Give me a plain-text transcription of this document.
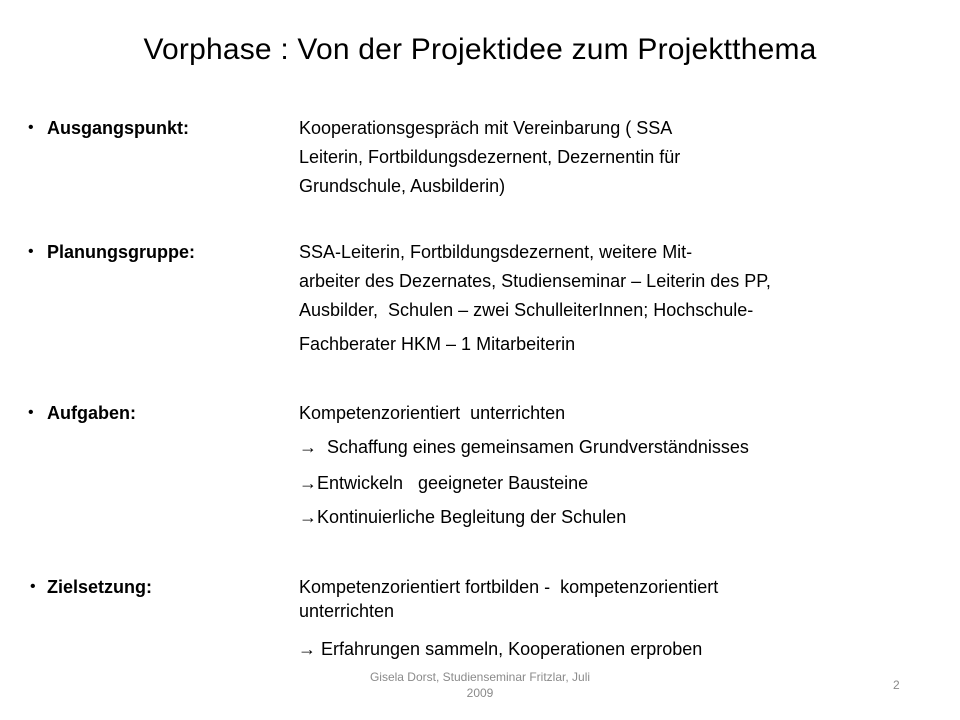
Vorphase : Von der Projektidee zum Projektthema
• Ausgangspunkt:	Kooperationsgespräch mit Vereinbarung ( SSA
Leiterin, Fortbildungsdezernent, Dezernentin für
Grundschule, Ausbilderin)
• Planungsgruppe:	SSA-Leiterin, Fortbildungsdezernent, weitere Mit-
arbeiter des Dezernates, Studienseminar – Leiterin des PP,
Ausbilder,  Schulen – zwei SchulleiterInnen; Hochschule-
Fachberater HKM – 1 Mitarbeiterin
• Aufgaben:	Kompetenzorientiert  unterrichten
→  Schaffung eines gemeinsamen Grundverständnisses
→Entwickeln   geeigneter Bausteine
→Kontinuierliche Begleitung der Schulen
• Zielsetzung:	Kompetenzorientiert fortbilden -  kompetenzorientiert
unterrichten
→ Erfahrungen sammeln, Kooperationen erproben
Gisela Dorst, Studienseminar Fritzlar, Juli
2009
2
